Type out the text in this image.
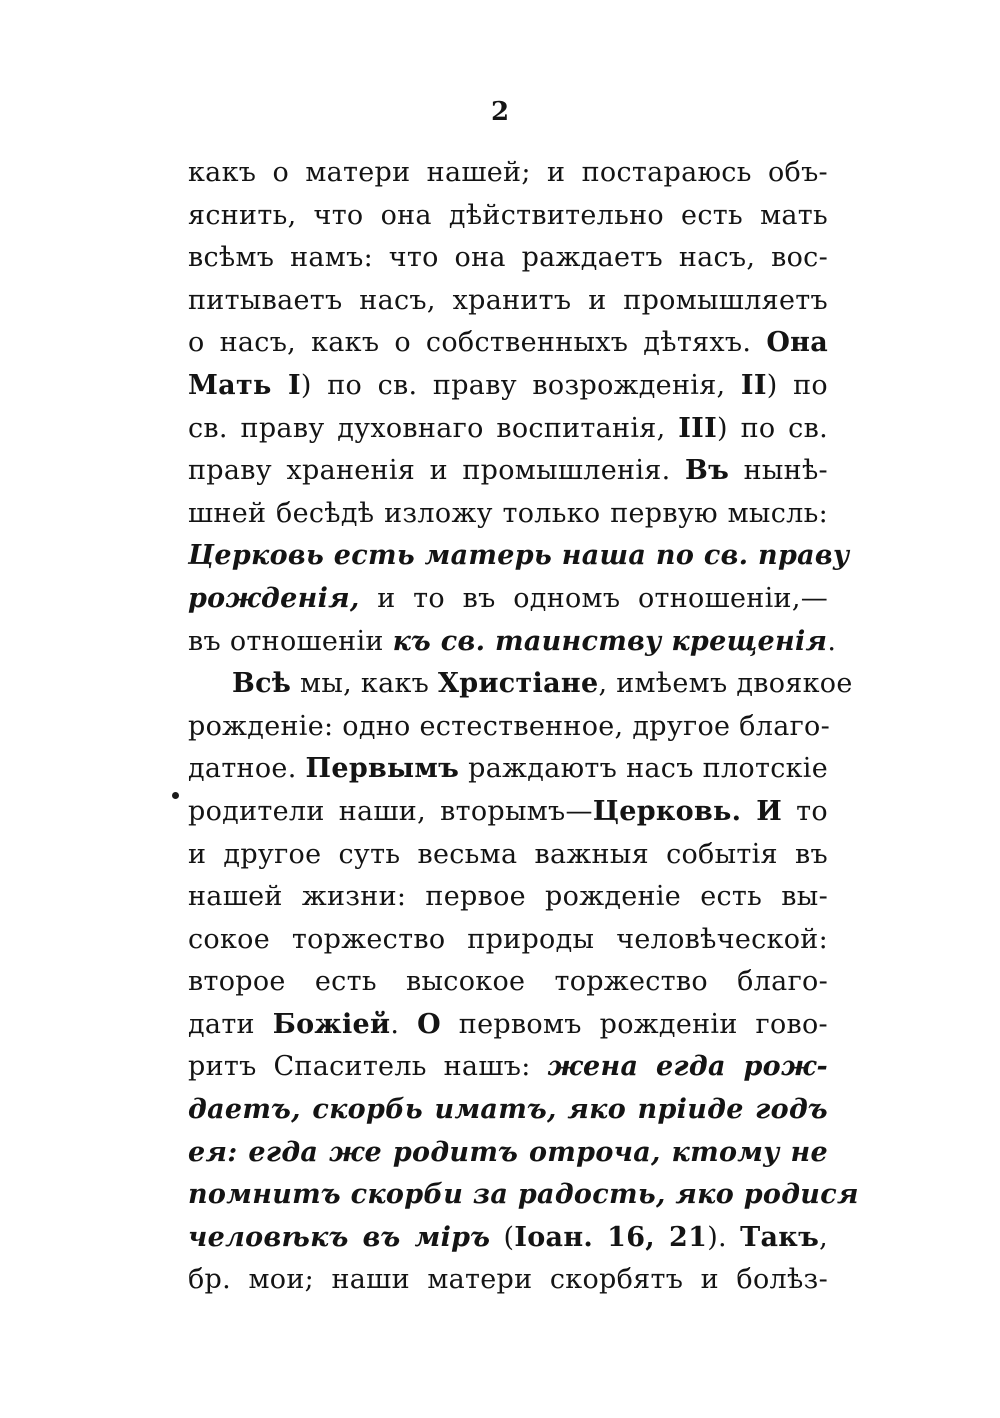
2
какъ о матери нашей; и постараюсь объ-
яснить, что она дѣйствительно есть мать
всѣмъ намъ: что она раждаетъ насъ, вос-
питываетъ насъ, хранитъ и промышляетъ
о насъ, какъ о собственныхъ дѣтяхъ. Она
Мать I) по св. праву возрожденія, II) по
св. праву духовнаго воспитанія, III) по св.
праву храненія и промышленія. Въ нынѣ-
шней бесѣдѣ изложу только первую мысль:
Церковь есть матерь наша по св. праву
рожденія, и то въ одномъ отношеніи,—
въ отношеніи къ св. таинству крещенія.
Всѣ мы, какъ Христіане, имѣемъ двоякое
рожденіе: одно естественное, другое благо-
датное. Первымъ раждаютъ насъ плотскіе
родители наши, вторымъ—Церковь. И то
и другое суть весьма важныя событія въ
нашей жизни: первое рожденіе есть вы-
сокое торжество природы человѣческой:
второе есть высокое торжество благо-
дати Божіей. О первомъ рожденіи гово-
ритъ Спаситель нашъ: жена егда рож-
даетъ, скорбь иматъ, яко пріиде годъ
ея: егда же родитъ отроча, ктому не
помнитъ скорби за радость, яко родися
человѣкъ въ міръ (Іоан. 16, 21). Такъ,
бр. мои; наши матери скорбятъ и болѣз-
